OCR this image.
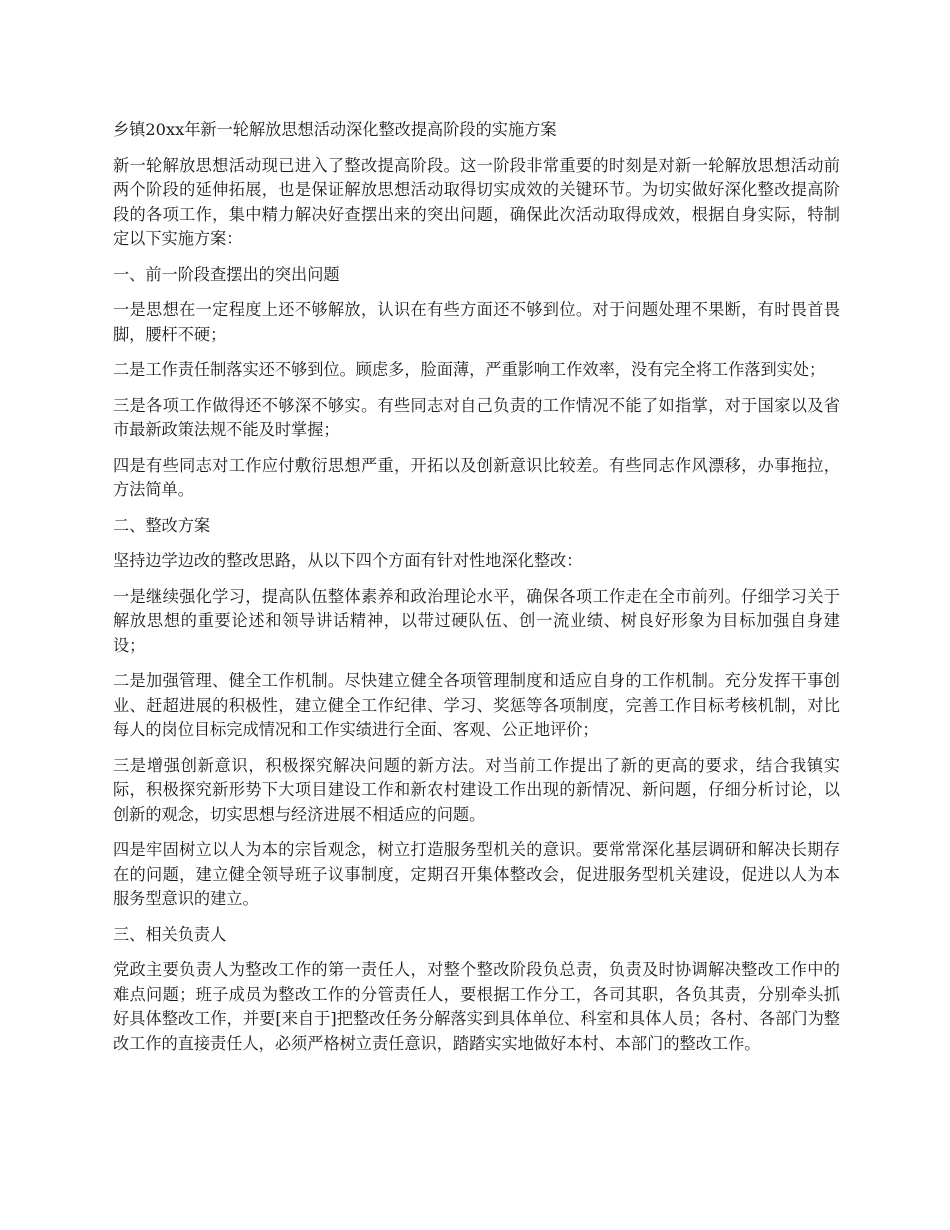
乡镇20xx年新一轮解放思想活动深化整改提高阶段的实施方案

新一轮解放思想活动现已进入了整改提高阶段。这一阶段非常重要的时刻是对新一轮解放思想活动前两个阶段的延伸拓展，也是保证解放思想活动取得切实成效的关键环节。为切实做好深化整改提高阶段的各项工作，集中精力解决好查摆出来的突出问题，确保此次活动取得成效，根据自身实际，特制定以下实施方案：

一、前一阶段查摆出的突出问题

一是思想在一定程度上还不够解放，认识在有些方面还不够到位。对于问题处理不果断，有时畏首畏脚，腰杆不硬；

二是工作责任制落实还不够到位。顾虑多，脸面薄，严重影响工作效率，没有完全将工作落到实处；

三是各项工作做得还不够深不够实。有些同志对自己负责的工作情况不能了如指掌，对于国家以及省市最新政策法规不能及时掌握；

四是有些同志对工作应付敷衍思想严重，开拓以及创新意识比较差。有些同志作风漂移，办事拖拉，方法简单。

二、整改方案

坚持边学边改的整改思路，从以下四个方面有针对性地深化整改：

一是继续强化学习，提高队伍整体素养和政治理论水平，确保各项工作走在全市前列。仔细学习关于解放思想的重要论述和领导讲话精神，以带过硬队伍、创一流业绩、树良好形象为目标加强自身建设；

二是加强管理、健全工作机制。尽快建立健全各项管理制度和适应自身的工作机制。充分发挥干事创业、赶超进展的积极性，建立健全工作纪律、学习、奖惩等各项制度，完善工作目标考核机制，对比每人的岗位目标完成情况和工作实绩进行全面、客观、公正地评价；

三是增强创新意识，积极探究解决问题的新方法。对当前工作提出了新的更高的要求，结合我镇实际，积极探究新形势下大项目建设工作和新农村建设工作出现的新情况、新问题，仔细分析讨论，以创新的观念，切实思想与经济进展不相适应的问题。

四是牢固树立以人为本的宗旨观念，树立打造服务型机关的意识。要常常深化基层调研和解决长期存在的问题，建立健全领导班子议事制度，定期召开集体整改会，促进服务型机关建设，促进以人为本服务型意识的建立。

三、相关负责人

党政主要负责人为整改工作的第一责任人，对整个整改阶段负总责，负责及时协调解决整改工作中的难点问题；班子成员为整改工作的分管责任人，要根据工作分工，各司其职，各负其责，分别牵头抓好具体整改工作，并要[来自于]把整改任务分解落实到具体单位、科室和具体人员；各村、各部门为整改工作的直接责任人，必须严格树立责任意识，踏踏实实地做好本村、本部门的整改工作。
